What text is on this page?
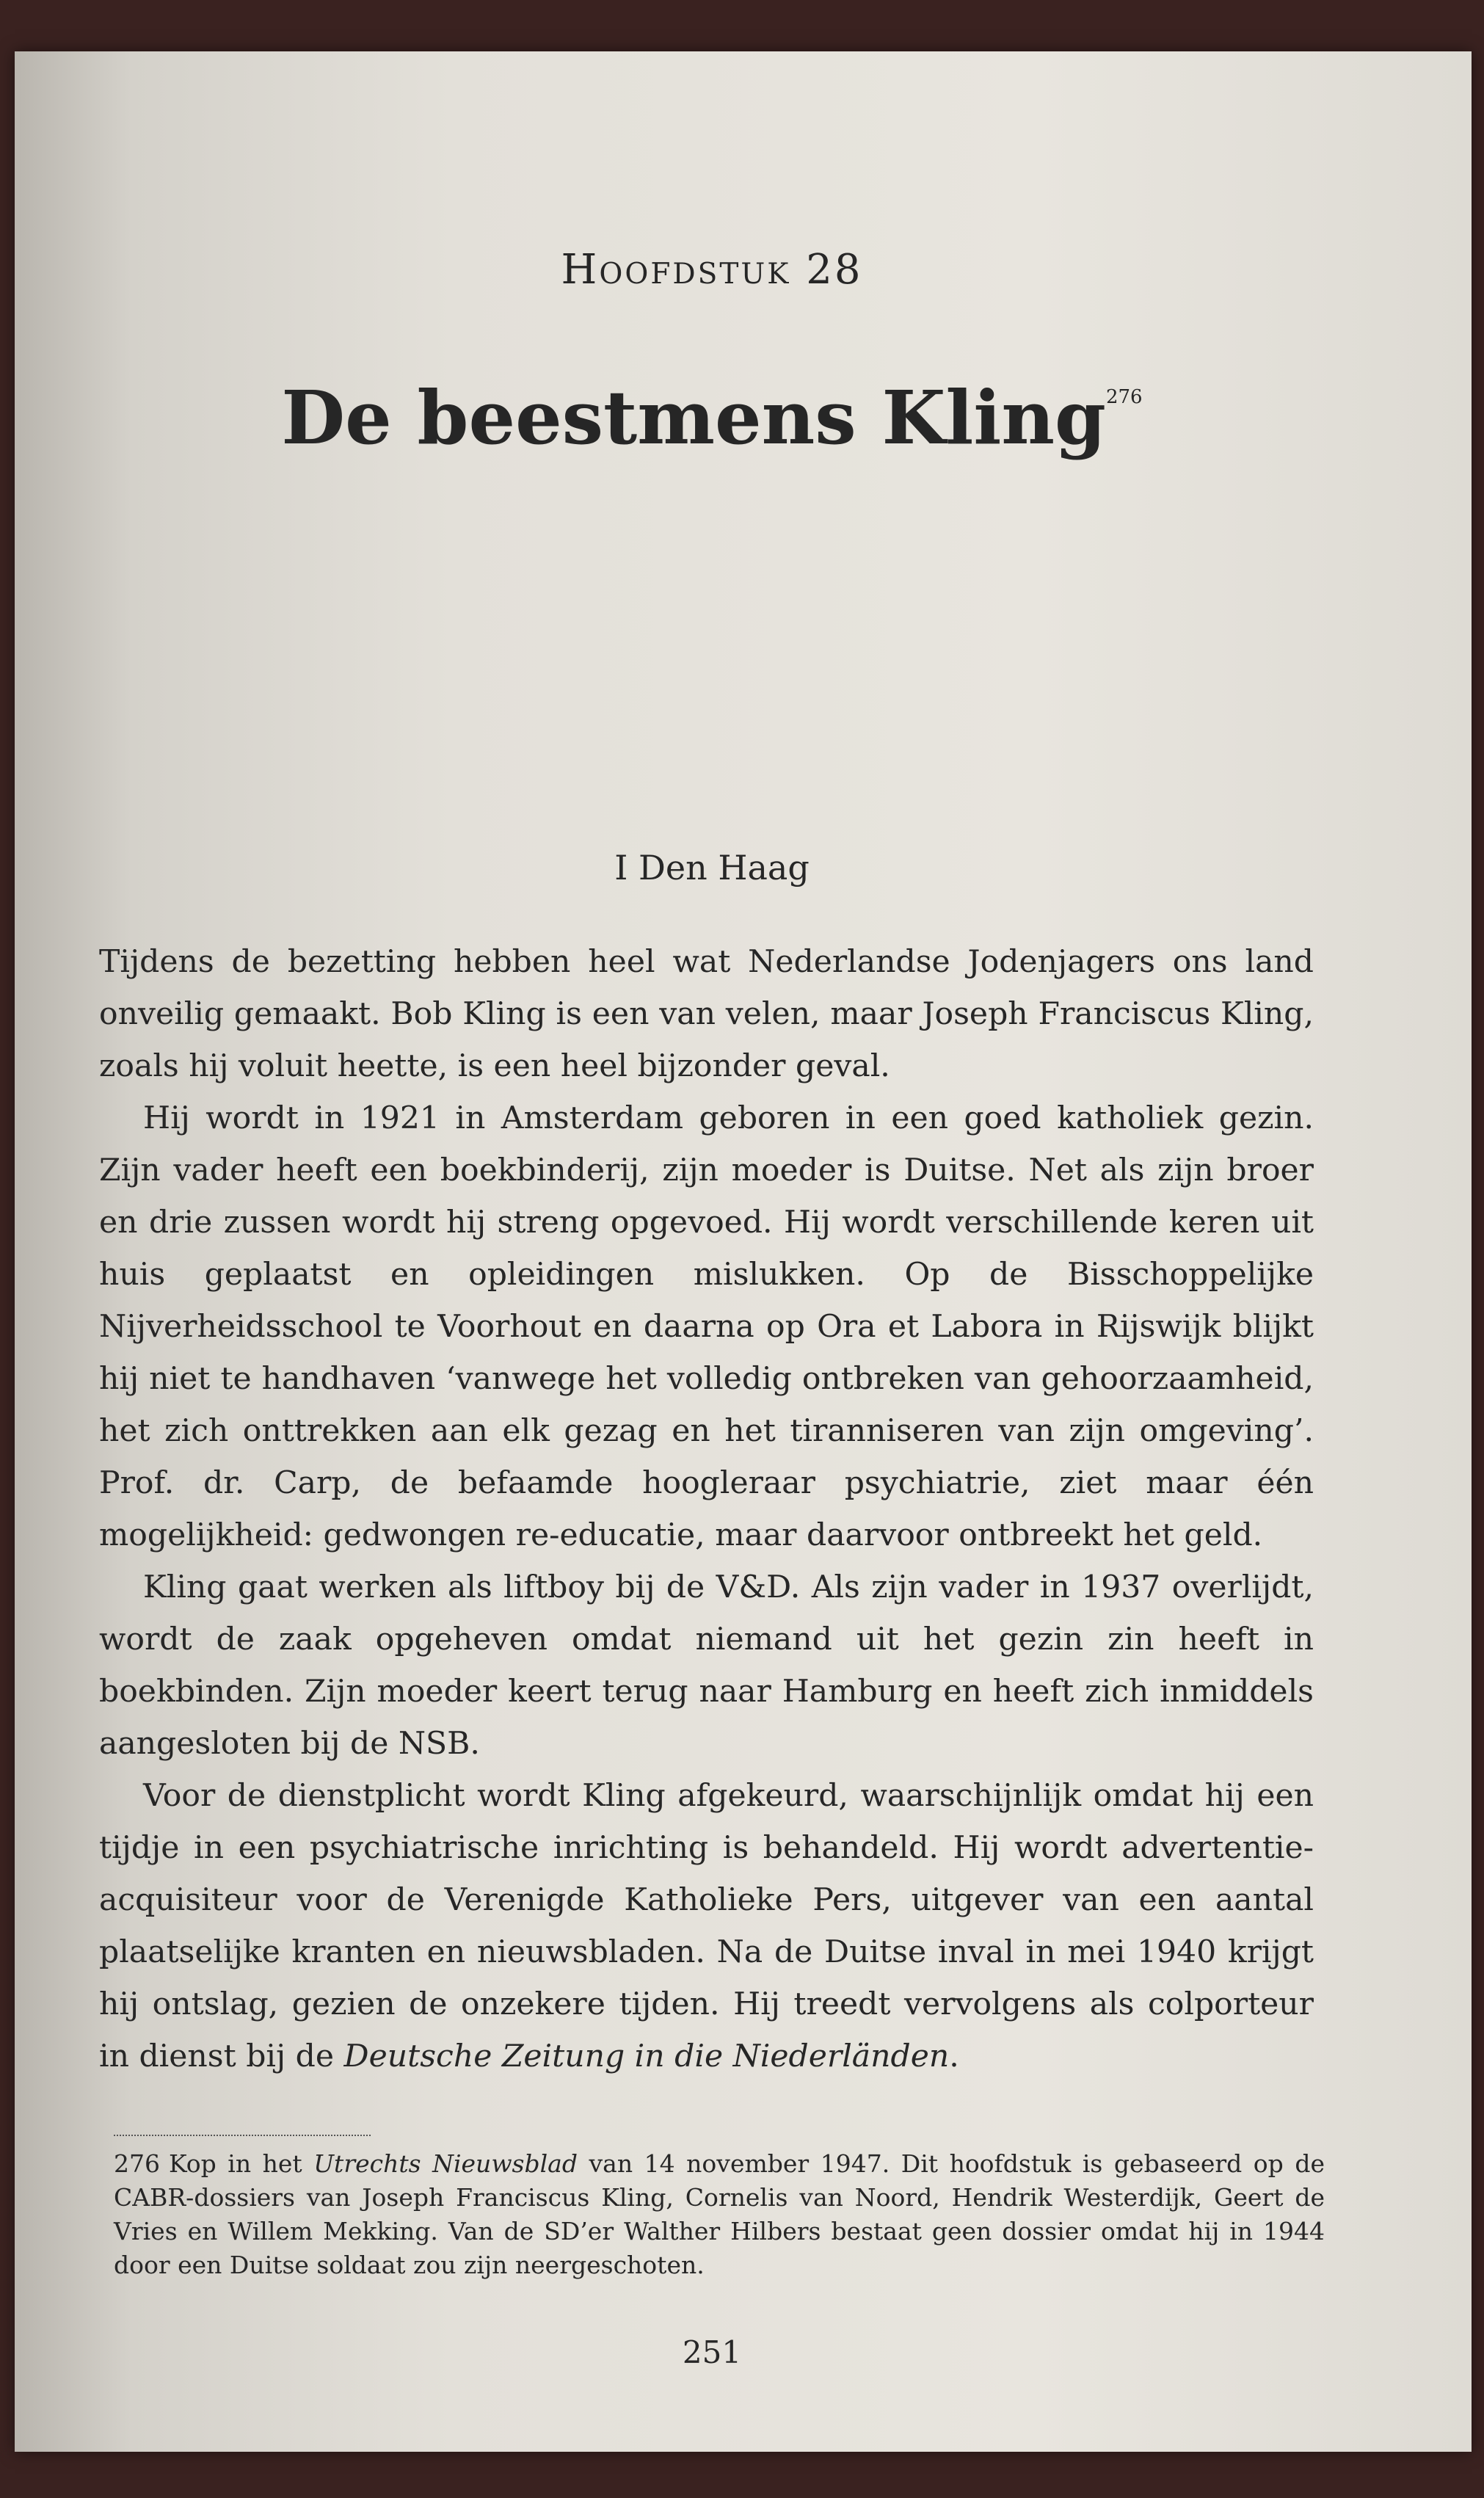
Hoofdstuk 28
De beestmens Kling$^{276}$
I Den Haag

Tijdens de bezetting hebben heel wat Nederlandse Jodenjagers ons land onveilig gemaakt. Bob Kling is een van velen, maar Joseph Franciscus Kling, zoals hij voluit heette, is een heel bijzonder geval.

Hij wordt in 1921 in Amsterdam geboren in een goed katholiek gezin. Zijn vader heeft een boekbinderij, zijn moeder is Duitse. Net als zijn broer en drie zussen wordt hij streng opgevoed. Hij wordt verschillende keren uit huis geplaatst en opleidingen mislukken. Op de Bisschoppelijke Nijverheidsschool te Voorhout en daarna op Ora et Labora in Rijswijk blijkt hij niet te handhaven ‘vanwege het volledig ontbreken van gehoorzaamheid, het zich onttrekken aan elk gezag en het tiranniseren van zijn omgeving’. Prof. dr. Carp, de befaamde hoogleraar psychiatrie, ziet maar één mogelijkheid: gedwongen re-educatie, maar daarvoor ontbreekt het geld.

Kling gaat werken als liftboy bij de V&D. Als zijn vader in 1937 overlijdt, wordt de zaak opgeheven omdat niemand uit het gezin zin heeft in boekbinden. Zijn moeder keert terug naar Hamburg en heeft zich inmiddels aangesloten bij de NSB.

Voor de dienstplicht wordt Kling afgekeurd, waarschijnlijk omdat hij een tijdje in een psychiatrische inrichting is behandeld. Hij wordt advertentie-acquisiteur voor de Verenigde Katholieke Pers, uitgever van een aantal plaatselijke kranten en nieuwsbladen. Na de Duitse inval in mei 1940 krijgt hij ontslag, gezien de onzekere tijden. Hij treedt vervolgens als colporteur in dienst bij de Deutsche Zeitung in die Niederländen.

276 Kop in het Utrechts Nieuwsblad van 14 november 1947. Dit hoofdstuk is gebaseerd op de CABR-dossiers van Joseph Franciscus Kling, Cornelis van Noord, Hendrik Westerdijk, Geert de Vries en Willem Mekking. Van de SD’er Walther Hilbers bestaat geen dossier omdat hij in 1944 door een Duitse soldaat zou zijn neergeschoten.
251
